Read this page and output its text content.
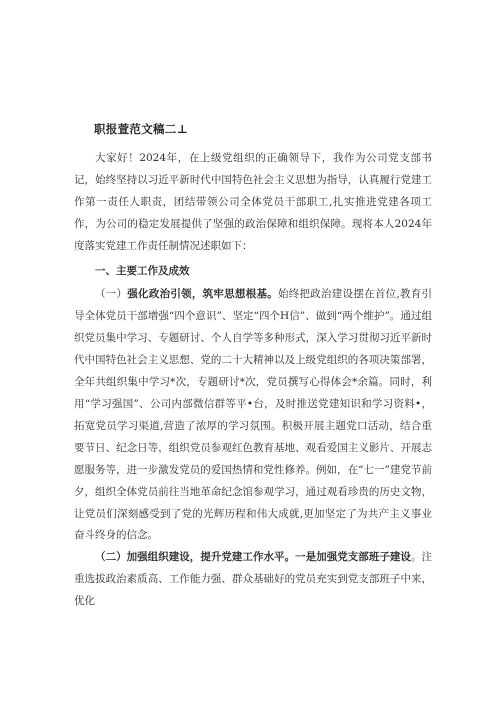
职报萱范文稿二⊥

大家好！2024年，在上级党组织的正确领导下，我作为公司党支部书记，始终坚持以习近平新时代中国特色社会主义思想为指导，认真履行党建工作第一责任人职责，团结带领公司全体党员干部职工,扎实推进党建各项工作，为公司的稳定发展提供了坚强的政治保障和组织保障。现将本人2024年度落实党建工作责任制情况述职如下：

一、主要工作及成效

（一）强化政治引领，筑牢思想根基。始终把政治建设摆在首位,教育引导全体党员干部增强“四个意识”、坚定“四个H信”、做到“两个维护”。通过组织党员集中学习、专题研讨、个人自学等多种形式，深入学习贯彻习近平新时代中国特色社会主义思想、党的二十大精神以及上级党组织的各项决策部署，全年共组织集中学习*次，专题研讨*次，党员撰写心得体会*余篇。同时，利用“学习强国”、公司内部微信群等平•台，及时推送党建知识和学习资料•，拓宽党员学习渠道,营造了浓厚的学习氛围。积极开展主题党口活动，结合重要节日、纪念日等，组织党员参观红色教育基地、观看爱国主义影片、开展志愿服务等，进一步激发党员的爱国热情和党性修养。例如，在“七一”建党节前夕，组织全体党员前往当地革命纪念馆参观学习，通过观看珍贵的历史文物，让党员们深刻感受到了党的光辉历程和伟大成就,更加坚定了为共产主义事业奋斗终身的信念。

（二）加强组织建设，提升党建工作水平。一是加强党支部班子建设。注重选拔政治素质高、工作能力强、群众基础好的党员充实到党支部班子中来，优化
